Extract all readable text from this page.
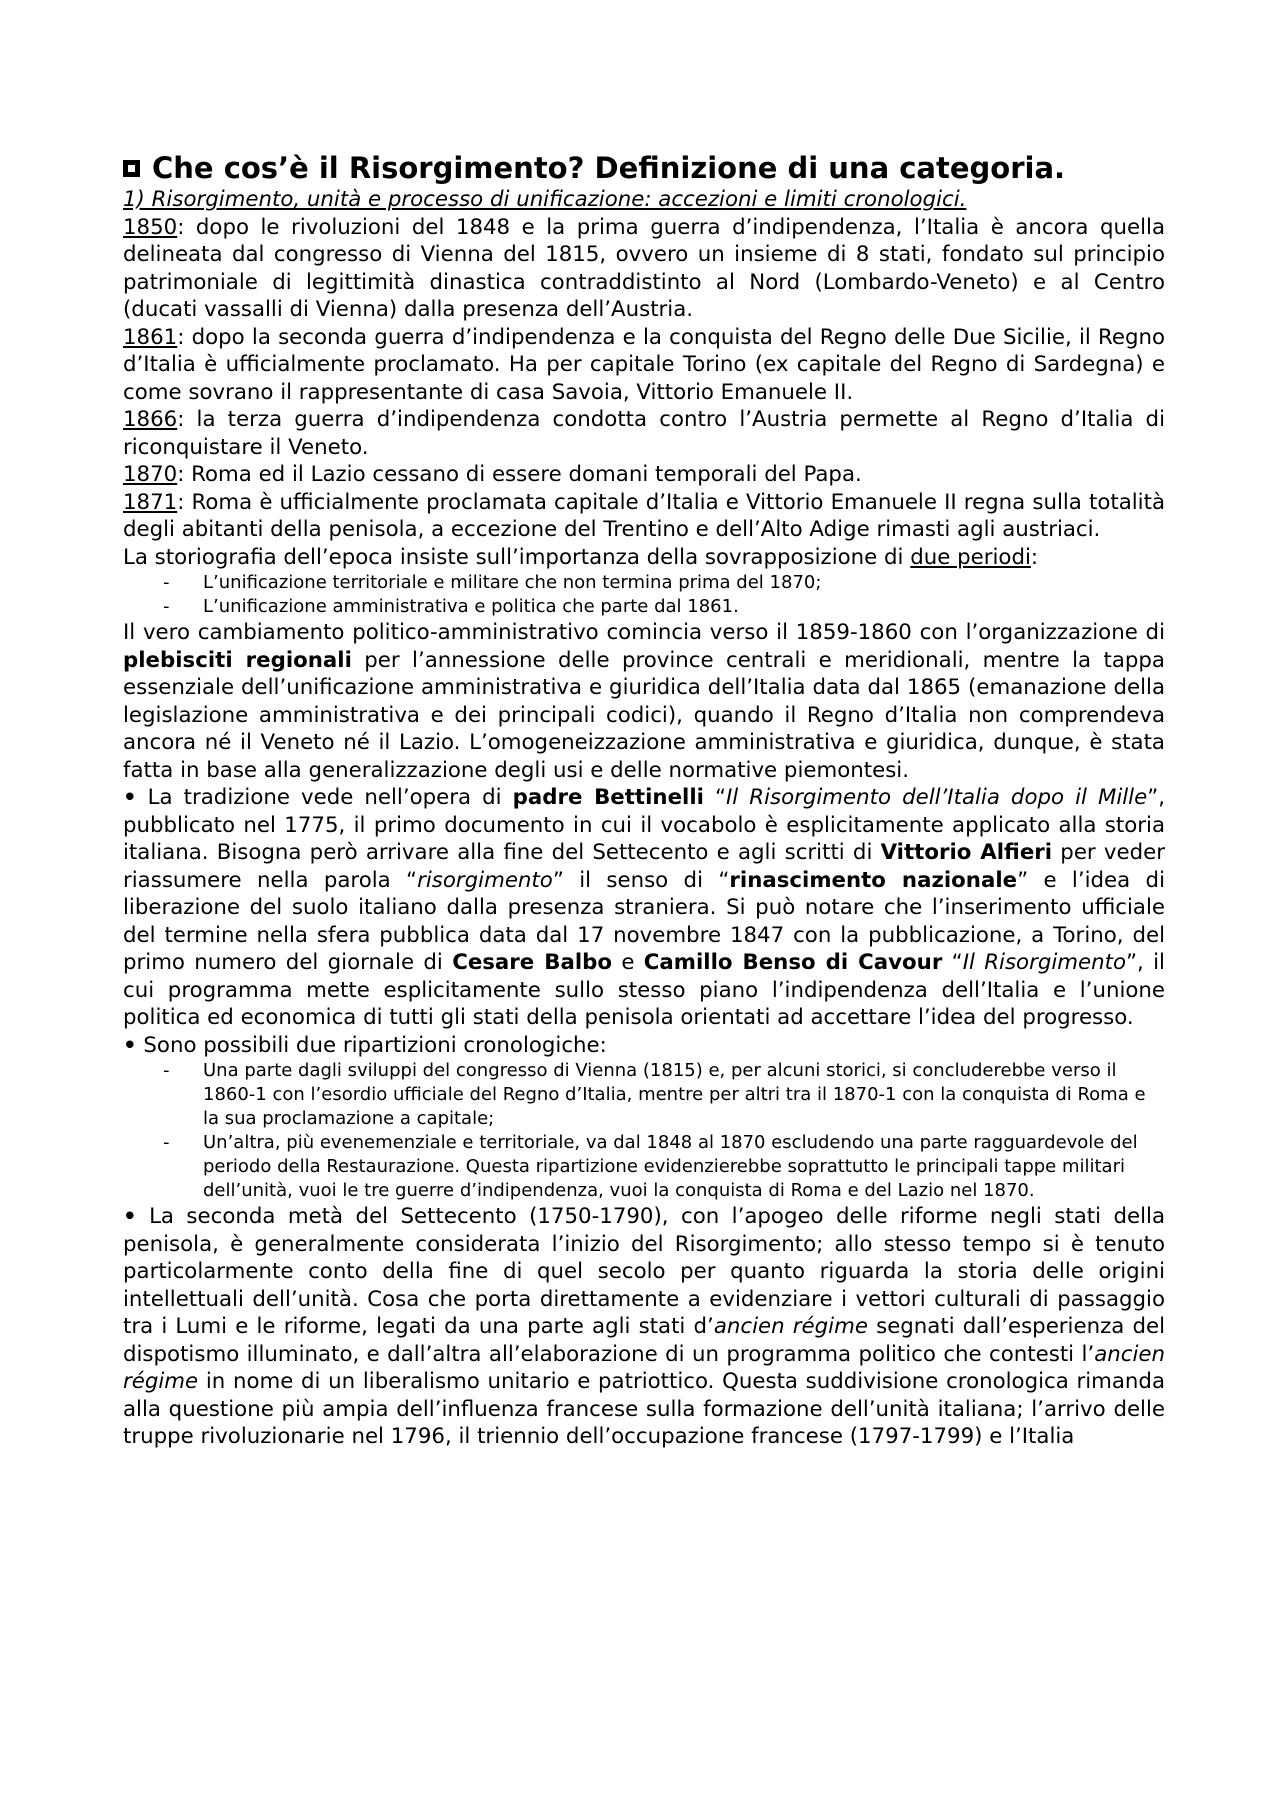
Che cos’è il Risorgimento? Definizione di una categoria.

1) Risorgimento, unità e processo di unificazione: accezioni e limiti cronologici.

1850: dopo le rivoluzioni del 1848 e la prima guerra d’indipendenza, l’Italia è ancora quella delineata dal congresso di Vienna del 1815, ovvero un insieme di 8 stati, fondato sul principio patrimoniale di legittimità dinastica contraddistinto al Nord (Lombardo-Veneto) e al Centro (ducati vassalli di Vienna) dalla presenza dell’Austria.

1861: dopo la seconda guerra d’indipendenza e la conquista del Regno delle Due Sicilie, il Regno d’Italia è ufficialmente proclamato. Ha per capitale Torino (ex capitale del Regno di Sardegna) e come sovrano il rappresentante di casa Savoia, Vittorio Emanuele II.

1866: la terza guerra d’indipendenza condotta contro l’Austria permette al Regno d’Italia di riconquistare il Veneto.

1870: Roma ed il Lazio cessano di essere domani temporali del Papa.

1871: Roma è ufficialmente proclamata capitale d’Italia e Vittorio Emanuele II regna sulla totalità degli abitanti della penisola, a eccezione del Trentino e dell’Alto Adige rimasti agli austriaci.

La storiografia dell’epoca insiste sull’importanza della sovrapposizione di due periodi:

- L’unificazione territoriale e militare che non termina prima del 1870;
- L’unificazione amministrativa e politica che parte dal 1861.

Il vero cambiamento politico-amministrativo comincia verso il 1859-1860 con l’organizzazione di plebisciti regionali per l’annessione delle province centrali e meridionali, mentre la tappa essenziale dell’unificazione amministrativa e giuridica dell’Italia data dal 1865 (emanazione della legislazione amministrativa e dei principali codici), quando il Regno d’Italia non comprendeva ancora né il Veneto né il Lazio. L’omogeneizzazione amministrativa e giuridica, dunque, è stata fatta in base alla generalizzazione degli usi e delle normative piemontesi.

• La tradizione vede nell’opera di padre Bettinelli “Il Risorgimento dell’Italia dopo il Mille”, pubblicato nel 1775, il primo documento in cui il vocabolo è esplicitamente applicato alla storia italiana. Bisogna però arrivare alla fine del Settecento e agli scritti di Vittorio Alfieri per veder riassumere nella parola “risorgimento” il senso di “rinascimento nazionale” e l’idea di liberazione del suolo italiano dalla presenza straniera. Si può notare che l’inserimento ufficiale del termine nella sfera pubblica data dal 17 novembre 1847 con la pubblicazione, a Torino, del primo numero del giornale di Cesare Balbo e Camillo Benso di Cavour “Il Risorgimento”, il cui programma mette esplicitamente sullo stesso piano l’indipendenza dell’Italia e l’unione politica ed economica di tutti gli stati della penisola orientati ad accettare l’idea del progresso.

• Sono possibili due ripartizioni cronologiche:

- Una parte dagli sviluppi del congresso di Vienna (1815) e, per alcuni storici, si concluderebbe verso il 1860-1 con l’esordio ufficiale del Regno d’Italia, mentre per altri tra il 1870-1 con la conquista di Roma e la sua proclamazione a capitale;
- Un’altra, più evenemenziale e territoriale, va dal 1848 al 1870 escludendo una parte ragguardevole del periodo della Restaurazione. Questa ripartizione evidenzierebbe soprattutto le principali tappe militari dell’unità, vuoi le tre guerre d’indipendenza, vuoi la conquista di Roma e del Lazio nel 1870.

• La seconda metà del Settecento (1750-1790), con l’apogeo delle riforme negli stati della penisola, è generalmente considerata l’inizio del Risorgimento; allo stesso tempo si è tenuto particolarmente conto della fine di quel secolo per quanto riguarda la storia delle origini intellettuali dell’unità. Cosa che porta direttamente a evidenziare i vettori culturali di passaggio tra i Lumi e le riforme, legati da una parte agli stati d’ancien régime segnati dall’esperienza del dispotismo illuminato, e dall’altra all’elaborazione di un programma politico che contesti l’ancien régime in nome di un liberalismo unitario e patriottico. Questa suddivisione cronologica rimanda alla questione più ampia dell’influenza francese sulla formazione dell’unità italiana; l’arrivo delle truppe rivoluzionarie nel 1796, il triennio dell’occupazione francese (1797-1799) e l’Italia
